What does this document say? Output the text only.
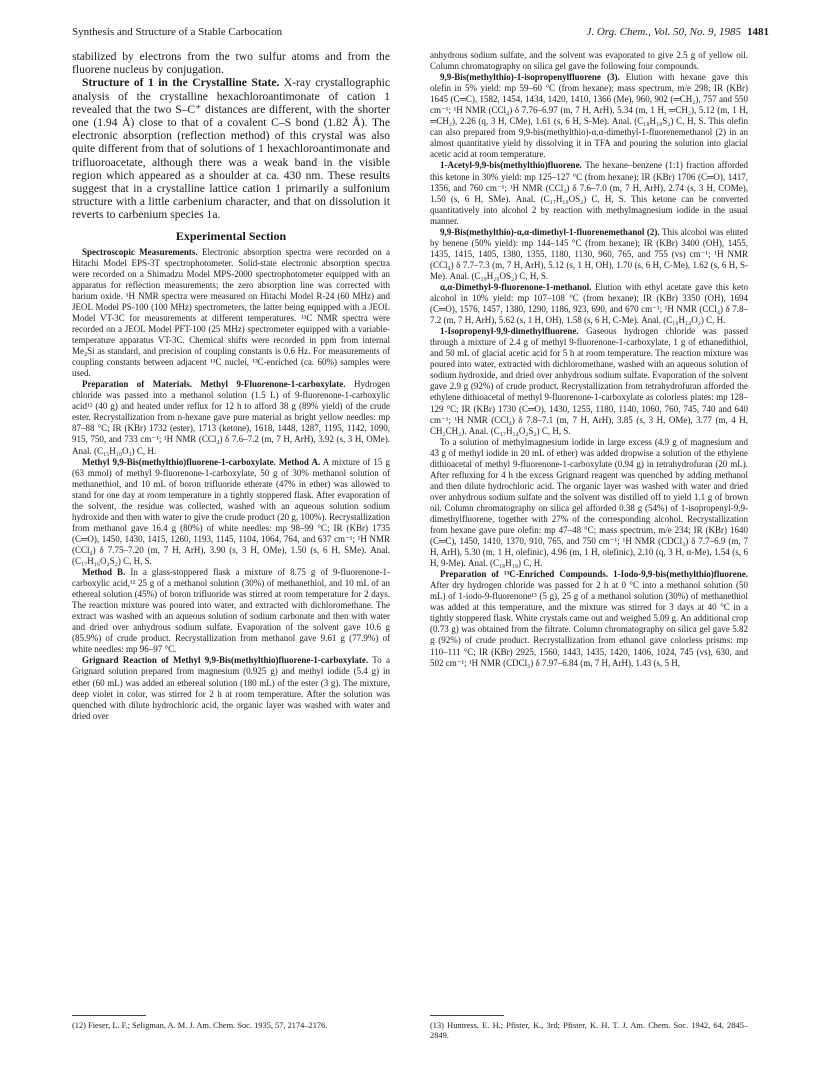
Synthesis and Structure of a Stable Carbocation	J. Org. Chem., Vol. 50, No. 9, 1985 1481

stabilized by electrons from the two sulfur atoms and from the fluorene nucleus by conjugation.

Structure of 1 in the Crystalline State. X-ray crystallographic analysis of the crystalline hexachloroantimonate of cation 1 revealed that the two S–C⁺ distances are different, with the shorter one (1.94 Å) close to that of a covalent C–S bond (1.82 Å). The electronic absorption (reflection method) of this crystal was also quite different from that of solutions of 1 hexachloroantimonate and trifluoroacetate, although there was a weak band in the visible region which appeared as a shoulder at ca. 430 nm. These results suggest that in a crystalline lattice cation 1 primarily a sulfonium structure with a little carbenium character, and that on dissolution it reverts to carbenium species 1a.

Experimental Section

Spectroscopic Measurements. Electronic absorption spectra were recorded on a Hitachi Model EPS-3T spectrophotometer. Solid-state electronic absorption spectra were recorded on a Shimadzu Model MPS-2000 spectrophotometer equipped with an apparatus for reflection measurements; the zero absorption line was corrected with barium oxide. ¹H NMR spectra were measured on Hitachi Model R-24 (60 MHz) and JEOL Model PS-100 (100 MHz) spectrometers, the latter being equipped with a JEOL Model VT-3C for measurements at different temperatures. ¹³C NMR spectra were recorded on a JEOL Model PFT-100 (25 MHz) spectrometer equipped with a variable-temperature apparatus VT-3C. Chemical shifts were recorded in ppm from internal Me₄Si as standard, and precision of coupling constants is 0.6 Hz. For measurements of coupling constants between adjacent ¹³C nuclei, ¹³C-enriched (ca. 60%) samples were used.

Preparation of Materials. Methyl 9-Fluorenone-1-carboxylate. Hydrogen chloride was passed into a methanol solution (1.5 L) of 9-fluorenone-1-carboxylic acid¹² (40 g) and heated under reflux for 12 h to afford 38 g (89% yield) of the crude ester. Recrystallization from n-hexane gave pure material as bright yellow needles: mp 87–88 °C; IR (KBr) 1732 (ester), 1713 (ketone), 1618, 1448, 1287, 1195, 1142, 1090, 915, 750, and 733 cm⁻¹; ¹H NMR (CCl₄) δ 7.6–7.2 (m, 7 H, ArH), 3.92 (s, 3 H, OMe). Anal. (C₁₅H₁₀O₃) C, H.

Methyl 9,9-Bis(methylthio)fluorene-1-carboxylate. Method A. A mixture of 15 g (63 mmol) of methyl 9-fluorenone-1-carboxylate, 50 g of 30% methanol solution of methanethiol, and 10 mL of boron trifluoride etherate (47% in ether) was allowed to stand for one day at room temperature in a tightly stoppered flask. After evaporation of the solvent, the residue was collected, washed with an aqueous solution sodium hydroxide and then with water to give the crude product (20 g, 100%). Recrystallization from methanol gave 16.4 g (80%) of white needles: mp 98–99 °C; IR (KBr) 1735 (C═O), 1450, 1430, 1415, 1260, 1193, 1145, 1104, 1064, 764, and 637 cm⁻¹; ¹H NMR (CCl₄) δ 7.75–7.20 (m, 7 H, ArH), 3.90 (s, 3 H, OMe), 1.50 (s, 6 H, SMe). Anal. (C₁₇H₁₆O₂S₂) C, H, S.

Method B. In a glass-stoppered flask a mixture of 8.75 g of 9-fluorenone-1-carboxylic acid,¹² 25 g of a methanol solution (30%) of methanethiol, and 10 mL of an ethereal solution (45%) of boron trifluoride was stirred at room temperature for 2 days. The reaction mixture was poured into water, and extracted with dichloromethane. The extract was washed with an aqueous solution of sodium carbonate and then with water and dried over anhydrous sodium sulfate. Evaporation of the solvent gave 10.6 g (85.9%) of crude product. Recrystallization from methanol gave 9.61 g (77.9%) of white needles: mp 96–97 °C.

Grignard Reaction of Methyl 9,9-Bis(methylthio)fluorene-1-carboxylate. To a Grignard solution prepared from magnesium (0.925 g) and methyl iodide (5.4 g) in ether (60 mL) was added an ethereal solution (180 mL) of the ester (3 g). The mixture, deep violet in color, was stirred for 2 h at room temperature. After the solution was quenched with dilute hydrochloric acid, the organic layer was washed with water and dried over

anhydrous sodium sulfate, and the solvent was evaporated to give 2.5 g of yellow oil. Column chromatography on silica gel gave the following four compounds.

9,9-Bis(methylthio)-1-isopropenylfluorene (3). Elution with hexane gave this olefin in 5% yield: mp 59–60 °C (from hexane); mass spectrum, m/e 298; IR (KBr) 1645 (C═C), 1582, 1454, 1434, 1420, 1410, 1366 (Me), 960, 902 (═CH₂), 757 and 550 cm⁻¹; ¹H NMR (CCl₄) δ 7.76–6.97 (m, 7 H, ArH), 5.34 (m, 1 H, ═CH₂), 5.12 (m, 1 H, ═CH₂), 2.26 (q, 3 H, CMe), 1.61 (s, 6 H, S-Me). Anal. (C₁₈H₁₈S₂) C, H, S. This olefin can also prepared from 9,9-bis(methylthio)-α,α-dimethyl-1-fluorenemethanol (2) in an almost quantitative yield by dissolving it in TFA and pouring the solution into glacial acetic acid at room temperature.

1-Acetyl-9,9-bis(methylthio)fluorene. The hexane–benzene (1:1) fraction afforded this ketone in 30% yield: mp 125–127 °C (from hexane); IR (KBr) 1706 (C═O), 1417, 1356, and 760 cm⁻¹; ¹H NMR (CCl₄) δ 7.6–7.0 (m, 7 H, ArH), 2.74 (s, 3 H, COMe), 1.50 (s, 6 H, SMe). Anal. (C₁₇H₁₆OS₂) C, H, S. This ketone can be converted quantitatively into alcohol 2 by reaction with methylmagnesium iodide in the usual manner.

9,9-Bis(methylthio)-α,α-dimethyl-1-fluorenemethanol (2). This alcohol was eluted by benene (50% yield): mp 144–145 °C (from hexane); IR (KBr) 3400 (OH), 1455, 1435, 1415, 1405, 1380, 1355, 1180, 1130, 960, 765, and 755 (vs) cm⁻¹; ¹H NMR (CCl₄) δ 7.7–7.3 (m, 7 H, ArH), 5.12 (s, 1 H, OH), 1.70 (s, 6 H, C-Me), 1.62 (s, 6 H, S-Me). Anal. (C₁₉H₂₀OS₂) C, H, S.

α,α-Dimethyl-9-fluorenone-1-methanol. Elution with ethyl acetate gave this keto alcohol in 10% yield: mp 107–108 °C (from hexane); IR (KBr) 3350 (OH), 1694 (C═O), 1576, 1457, 1380, 1290, 1186, 923, 690, and 670 cm⁻¹; ¹H NMR (CCl₄) δ 7.8–7.2 (m, 7 H, ArH), 5.62 (s, 1 H, OH), 1.58 (s, 6 H, C-Me). Anal. (C₁₆H₁₄O₂) C, H.

1-Isopropenyl-9,9-dimethylfluorene. Gaseous hydrogen chloride was passed through a mixture of 2.4 g of methyl 9-fluorenone-1-carboxylate, 1 g of ethanedithiol, and 50 mL of glacial acetic acid for 5 h at room temperature. The reaction mixture was poured into water, extracted with dichloromethane, washed with an aqueous solution of sodium hydroxide, and dried over anhydrous sodium sulfate. Evaporation of the solvent gave 2.9 g (92%) of crude product. Recrystallization from tetrahydrofuran afforded the ethylene dithioacetal of methyl 9-fluorenone-1-carboxylate as colorless plates: mp 128–129 °C; IR (KBr) 1730 (C═O), 1430, 1255, 1180, 1140, 1060, 760, 745, 740 and 640 cm⁻¹; ¹H NMR (CCl₄) δ 7.8–7.1 (m, 7 H, ArH), 3.85 (s, 3 H, OMe), 3.77 (m, 4 H, CH₂CH₂). Anal. (C₁₇H₁₄O₂S₂) C, H, S.

To a solution of methylmagnesium iodide in large excess (4.9 g of magnesium and 43 g of methyl iodide in 20 mL of ether) was added dropwise a solution of the ethylene dithioacetal of methyl 9-fluorenone-1-carboxylate (0.94 g) in tetrahydrofuran (20 mL). After refluxing for 4 h the excess Grignard reagent was quenched by adding methanol and then dilute hydrochloric acid. The organic layer was washed with water and dried over anhydrous sodium sulfate and the solvent was distilled off to yield 1.1 g of brown oil. Column chromatography on silica gel afforded 0.38 g (54%) of 1-isopropenyl-9,9-dimethylfluorene, together with 27% of the corresponding alcohol. Recrystallization from hexane gave pure olefin: mp 47–48 °C; mass spectrum, m/e 234; IR (KBr) 1640 (C═C), 1450, 1410, 1370, 910, 765, and 750 cm⁻¹; ¹H NMR (CDCl₃) δ 7.7–6.9 (m, 7 H, ArH), 5.30 (m, 1 H, olefinic), 4.96 (m, 1 H, olefinic), 2.10 (q, 3 H, α-Me), 1.54 (s, 6 H, 9-Me). Anal. (C₁₈H₁₈) C, H.

Preparation of ¹³C-Enriched Compounds. 1-Iodo-9,9-bis(methylthio)fluorene. After dry hydrogen chloride was passed for 2 h at 0 °C into a methanol solution (50 mL) of 1-iodo-9-fluorenone¹³ (5 g), 25 g of a methanol solution (30%) of methanethiol was added at this temperature, and the mixture was stirred for 3 days at 40 °C in a tightly stoppered flask. White crystals came out and weighed 5.09 g. An additional crop (0.73 g) was obtained from the filtrate. Column chromatography on silica gel gave 5.82 g (92%) of crude product. Recrystallization from ethanol gave colorless prisms: mp 110–111 °C; IR (KBr) 2925, 1560, 1443, 1435, 1420, 1406, 1024, 745 (vs), 630, and 502 cm⁻¹; ¹H NMR (CDCl₃) δ 7.97–6.84 (m, 7 H, ArH), 1.43 (s, 5 H,

(12) Fieser, L. F.; Seligman, A. M. J. Am. Chem. Soc. 1935, 57, 2174–2176.	(13) Huntress, E. H.; Pfister, K., 3rd; Pfister, K. H. T. J. Am. Chem. Soc. 1942, 64, 2845–2849.
